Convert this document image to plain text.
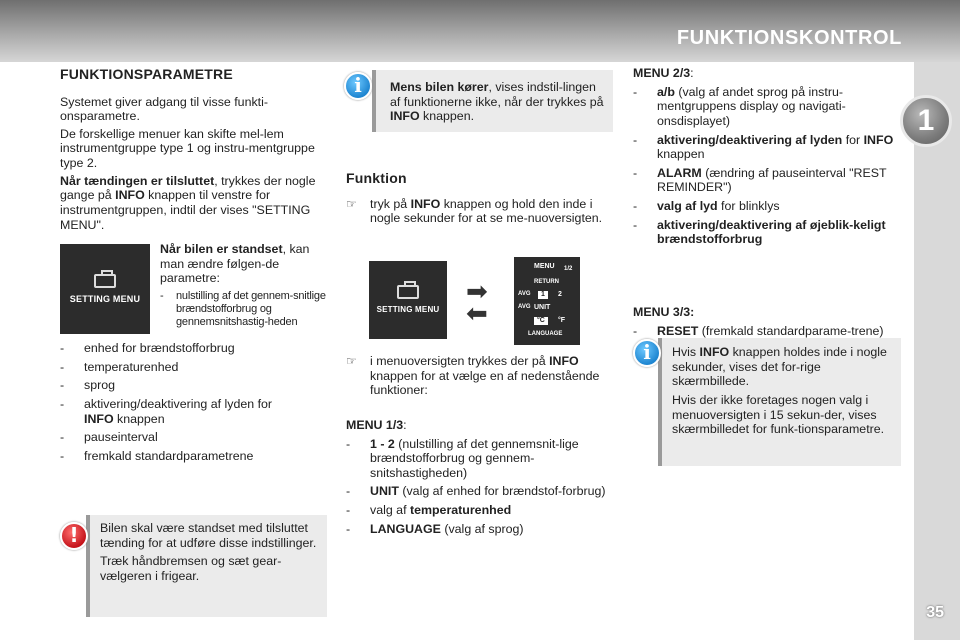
FUNKTIONSKONTROL
1
35
FUNKTIONSPARAMETRE

Systemet giver adgang til visse funkti-onsparametre.

De forskellige menuer kan skifte mel-lem instrumentgruppe type 1 og instru-mentgruppe type 2.

Når tændingen er tilsluttet, trykkes der nogle gange på INFO knappen til venstre for instrumentgruppen, indtil der vises "SETTING MENU".

SETTING MENU

Når bilen er standset, kan man ændre følgen-de parametre:

- nulstilling af det gennem-snitlige brændstofforbrug og gennemsnitshastig-heden
- enhed for brændstofforbrug
- temperaturenhed
- sprog
- aktivering/deaktivering af lyden for
INFO knappen
- pauseinterval
- fremkald standardparametrene

Bilen skal være standset med tilsluttet tænding for at udføre disse indstillinger.

Træk håndbremsen og sæt gear-vælgeren i frigear.

!

Mens bilen kører, vises indstil-lingen af funktionerne ikke, når der trykkes på INFO knappen.

i
Funktion
☞ tryk på INFO knappen og hold den inde i nogle sekunder for at se me-nuoversigten.
SETTING MENU
➡
⬅
MENU 1/2
RETURN
AVG	1	2
AVG UNIT
°C	°F
LANGUAGE
☞ i menuoversigten trykkes der på INFO knappen for at vælge en af nedenstående funktioner:
MENU 1/3:
- 1 - 2 (nulstilling af det gennemsnit-lige brændstofforbrug og gennem-snitshastigheden)
- UNIT (valg af enhed for brændstof-forbrug)
- valg af temperaturenhed
- LANGUAGE (valg af sprog)
MENU 2/3:
- a/b (valg af andet sprog på instru-mentgruppens display og navigati-onsdisplayet)
- aktivering/deaktivering af lyden for INFO knappen
- ALARM (ændring af pauseinterval "REST REMINDER")
- valg af lyd for blinklys
- aktivering/deaktivering af øjeblik-keligt brændstofforbrug
MENU 3/3:
- RESET (fremkald standardparame-trene)

Hvis INFO knappen holdes inde i nogle sekunder, vises det for-rige skærmbillede.

Hvis der ikke foretages nogen valg i menuoversigten i 15 sekun-der, vises skærmbilledet for funk-tionsparametre.

i
